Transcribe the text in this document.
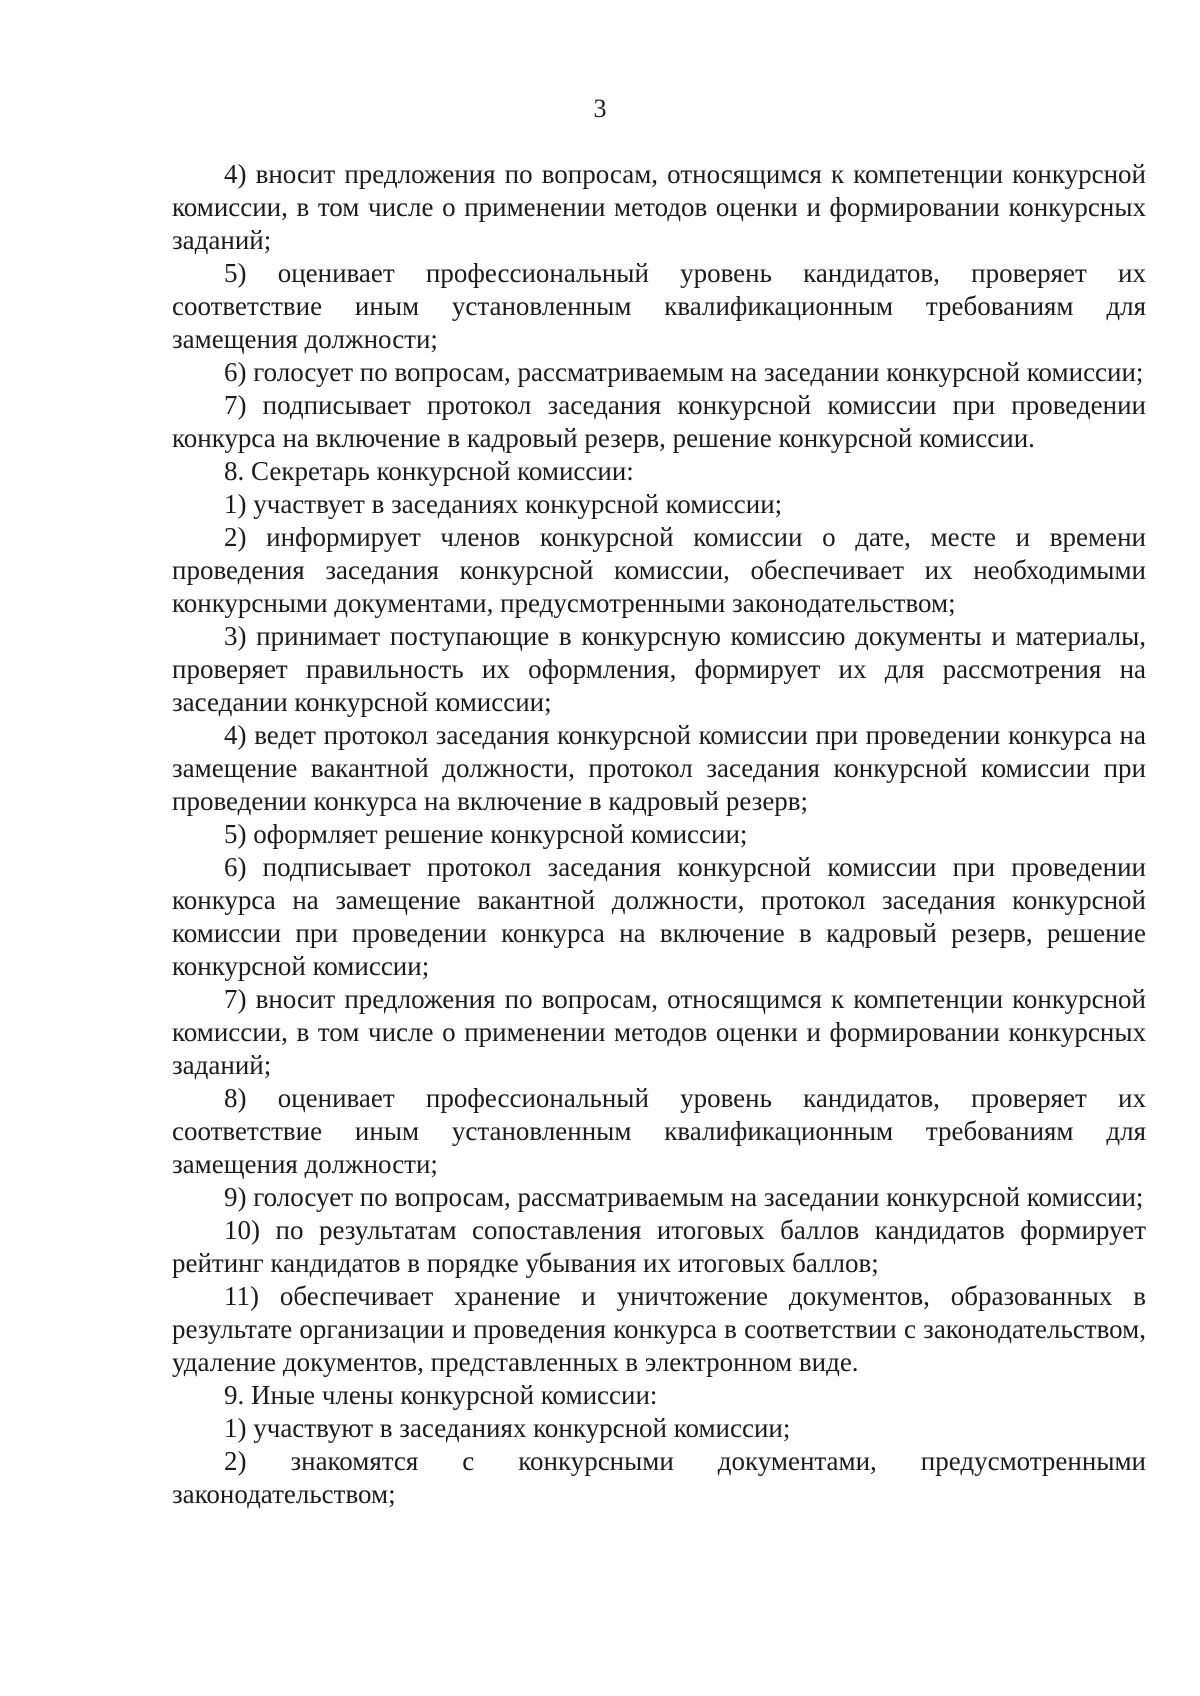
3

4) вносит предложения по вопросам, относящимся к компетенции конкурсной комиссии, в том числе о применении методов оценки и формировании конкурсных заданий;

5) оценивает профессиональный уровень кандидатов, проверяет их соответствие иным установленным квалификационным требованиям для замещения должности;

6) голосует по вопросам, рассматриваемым на заседании конкурсной комиссии;

7) подписывает протокол заседания конкурсной комиссии при проведении конкурса на включение в кадровый резерв, решение конкурсной комиссии.

8. Секретарь конкурсной комиссии:

1) участвует в заседаниях конкурсной комиссии;

2) информирует членов конкурсной комиссии о дате, месте и времени проведения заседания конкурсной комиссии, обеспечивает их необходимыми конкурсными документами, предусмотренными законодательством;

3) принимает поступающие в конкурсную комиссию документы и материалы, проверяет правильность их оформления, формирует их для рассмотрения на заседании конкурсной комиссии;

4) ведет протокол заседания конкурсной комиссии при проведении конкурса на замещение вакантной должности, протокол заседания конкурсной комиссии при проведении конкурса на включение в кадровый резерв;

5) оформляет решение конкурсной комиссии;

6) подписывает протокол заседания конкурсной комиссии при проведении конкурса на замещение вакантной должности, протокол заседания конкурсной комиссии при проведении конкурса на включение в кадровый резерв, решение конкурсной комиссии;

7) вносит предложения по вопросам, относящимся к компетенции конкурсной комиссии, в том числе о применении методов оценки и формировании конкурсных заданий;

8) оценивает профессиональный уровень кандидатов, проверяет их соответствие иным установленным квалификационным требованиям для замещения должности;

9) голосует по вопросам, рассматриваемым на заседании конкурсной комиссии;

10) по результатам сопоставления итоговых баллов кандидатов формирует рейтинг кандидатов в порядке убывания их итоговых баллов;

11) обеспечивает хранение и уничтожение документов, образованных в результате организации и проведения конкурса в соответствии с законодательством, удаление документов, представленных в электронном виде.

9. Иные члены конкурсной комиссии:

1) участвуют в заседаниях конкурсной комиссии;

2) знакомятся с конкурсными документами, предусмотренными законодательством;
